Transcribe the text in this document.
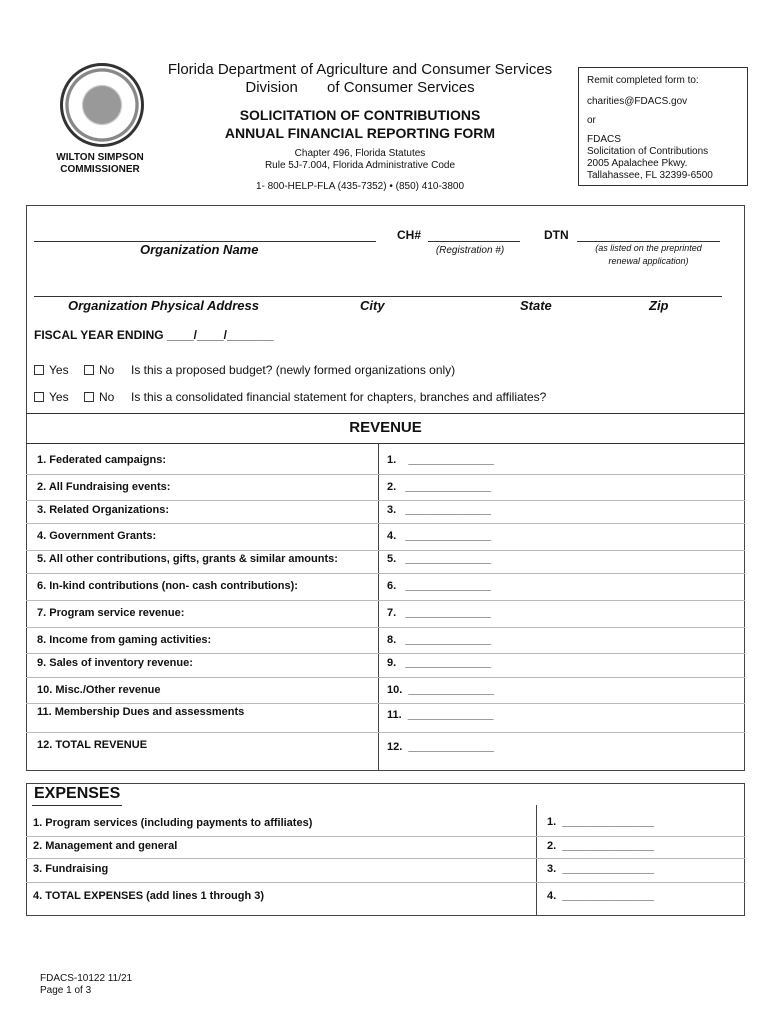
WILTON SIMPSON
COMMISSIONER
Florida Department of Agriculture and Consumer Services
Division       of Consumer Services
SOLICITATION OF CONTRIBUTIONS
ANNUAL FINANCIAL REPORTING FORM
Chapter 496, Florida Statutes
Rule 5J-7.004, Florida Administrative Code
1- 800-HELP-FLA (435-7352) • (850) 410-3800
Remit completed form to:
charities@FDACS.gov
or
FDACS
Solicitation of Contributions
2005 Apalachee Pkwy.
Tallahassee, FL 32399-6500
Organization Name
CH#
(Registration #)
DTN
(as listed on the preprinted
renewal application)
Organization Physical Address	City	State	Zip
FISCAL YEAR ENDING ____/____/_______
Yes	No Is this a proposed budget? (newly formed organizations only)
Yes	No Is this a consolidated financial statement for chapters, branches and affiliates?
REVENUE
1. Federated campaigns:	1.    ______________
2. All Fundraising events:	2.   ______________
3. Related Organizations:	3.   ______________
4. Government Grants:	4.   ______________
5. All other contributions, gifts, grants & similar amounts:	5.   ______________
6. In-kind contributions (non- cash contributions):	6.   ______________
7. Program service revenue:	7.   ______________
8. Income from gaming activities:	8.   ______________
9. Sales of inventory revenue:	9.   ______________
10. Misc./Other revenue	10.  ______________
11. Membership Dues and assessments	11.  ______________
12. TOTAL REVENUE	12.  ______________
EXPENSES
1. Program services (including payments to affiliates)	1.  _______________
2. Management and general	2.  _______________
3. Fundraising	3.  _______________
4. TOTAL EXPENSES (add lines 1 through 3)	4.  _______________
FDACS-10122 11/21
Page 1 of 3
